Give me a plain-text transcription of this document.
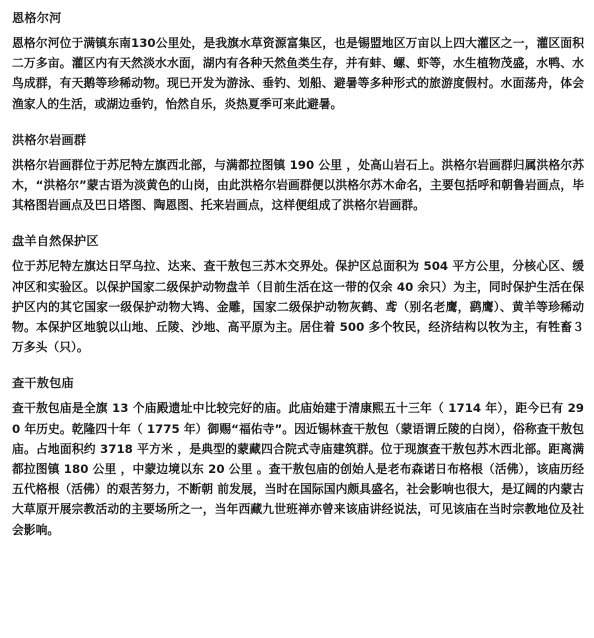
恩格尔河

恩格尔河位于满镇东南130公里处，是我旗水草资源富集区，也是锡盟地区万亩以上四大灌区之一，灌区面积二万多亩。灌区内有天然淡水水面，湖内有各种天然鱼类生存，并有蚌、螺、虾等，水生植物茂盛，水鸭、水鸟成群，有天鹅等珍稀动物。现已开发为游泳、垂钓、划船、避暑等多种形式的旅游度假村。水面荡舟，体会渔家人的生活，或湖边垂钓，怡然自乐，炎热夏季可来此避暑。

洪格尔岩画群

洪格尔岩画群位于苏尼特左旗西北部，与满都拉图镇 190 公里 ，处高山岩石上。洪格尔岩画群归属洪格尔苏木，“洪格尔”蒙古语为淡黄色的山岗，由此洪格尔岩画群便以洪格尔苏木命名，主要包括呼和朝鲁岩画点，毕其格图岩画点及巴日塔图、陶恩图、托来岩画点，这样便组成了洪格尔岩画群。

盘羊自然保护区

位于苏尼特左旗达日罕乌拉、达来、查干敖包三苏木交界处。保护区总面积为 504 平方公里，分核心区、缓冲区和实验区。以保护国家二级保护动物盘羊（目前生活在这一带的仅余 40 余只）为主，同时保护生活在保护区内的其它国家一级保护动物大鸨、金雕，国家二级保护动物灰鹤、鸢（别名老鹰，鹞鹰）、黄羊等珍稀动物。本保护区地貌以山地、丘陵、沙地、高平原为主。居住着 500 多个牧民，经济结构以牧为主，有牲畜３万多头（只）。

查干敖包庙

查干敖包庙是全旗 13 个庙殿遗址中比较完好的庙。此庙始建于清康熙五十三年（ 1714 年），距今已有 290 年历史。乾隆四十年（ 1775 年）御赐“福佑寺”。因近锡林查干敖包（蒙语谓丘陵的白岗），俗称查干敖包庙。占地面积约 3718 平方米 ，是典型的蒙藏四合院式寺庙建筑群。位于现旗查干敖包苏木西北部。距离满都拉图镇 180 公里 ，中蒙边境以东 20 公里 。查干敖包庙的创始人是老布森诺日布格根（活佛），该庙历经五代格根（活佛）的艰苦努力，不断朝 前发展，当时在国际国内颇具盛名，社会影响也很大，是辽阔的内蒙古大草原开展宗教活动的主要场所之一，当年西藏九世班禅亦曾来该庙讲经说法，可见该庙在当时宗教地位及社会影响。
